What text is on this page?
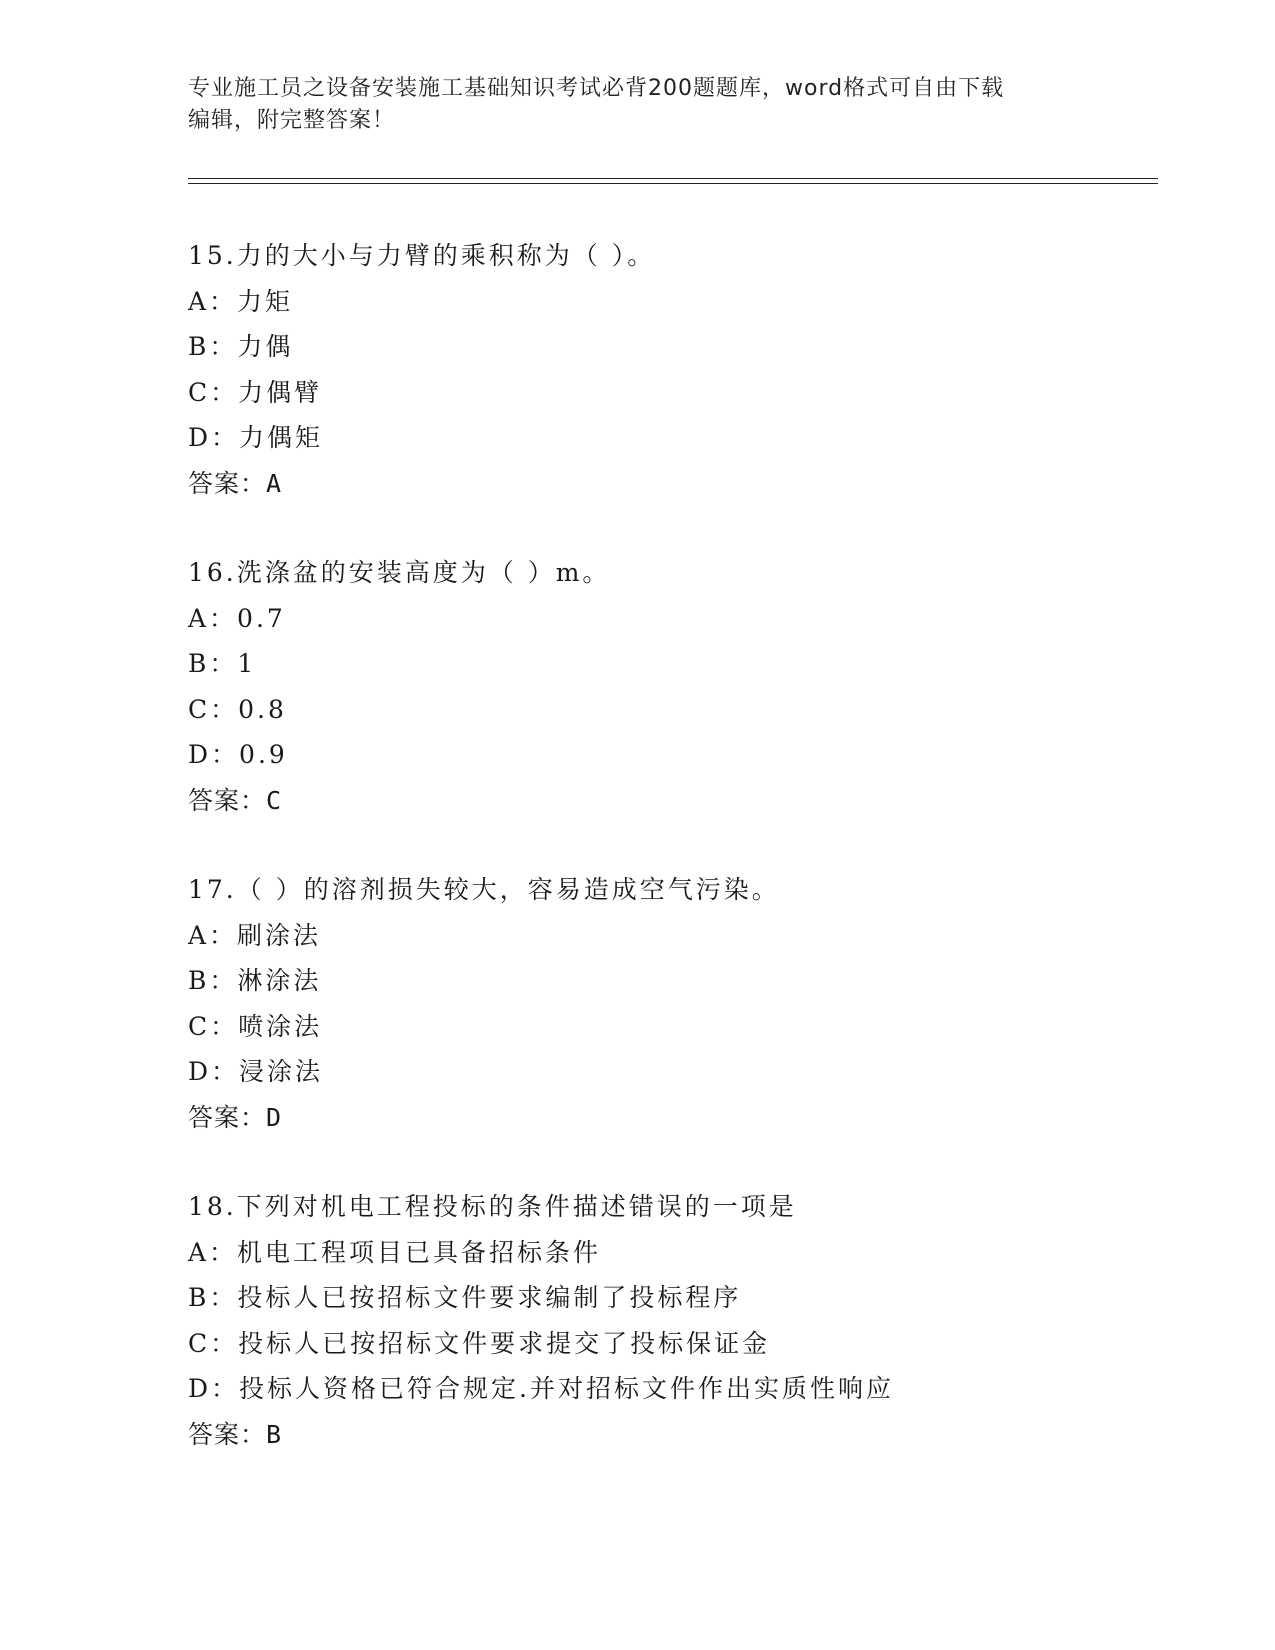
专业施工员之设备安装施工基础知识考试必背200题题库，word格式可自由下载
编辑，附完整答案！
15.力的大小与力臂的乘积称为（ ）。
A：力矩
B：力偶
C：力偶臂
D：力偶矩
答案：A
16.洗涤盆的安装高度为（ ）m。
A：0.7
B：1
C：0.8
D：0.9
答案：C
17.（ ）的溶剂损失较大，容易造成空气污染。
A：刷涂法
B：淋涂法
C：喷涂法
D：浸涂法
答案：D
18.下列对机电工程投标的条件描述错误的一项是
A：机电工程项目已具备招标条件
B：投标人已按招标文件要求编制了投标程序
C：投标人已按招标文件要求提交了投标保证金
D：投标人资格已符合规定.并对招标文件作出实质性响应
答案：B
